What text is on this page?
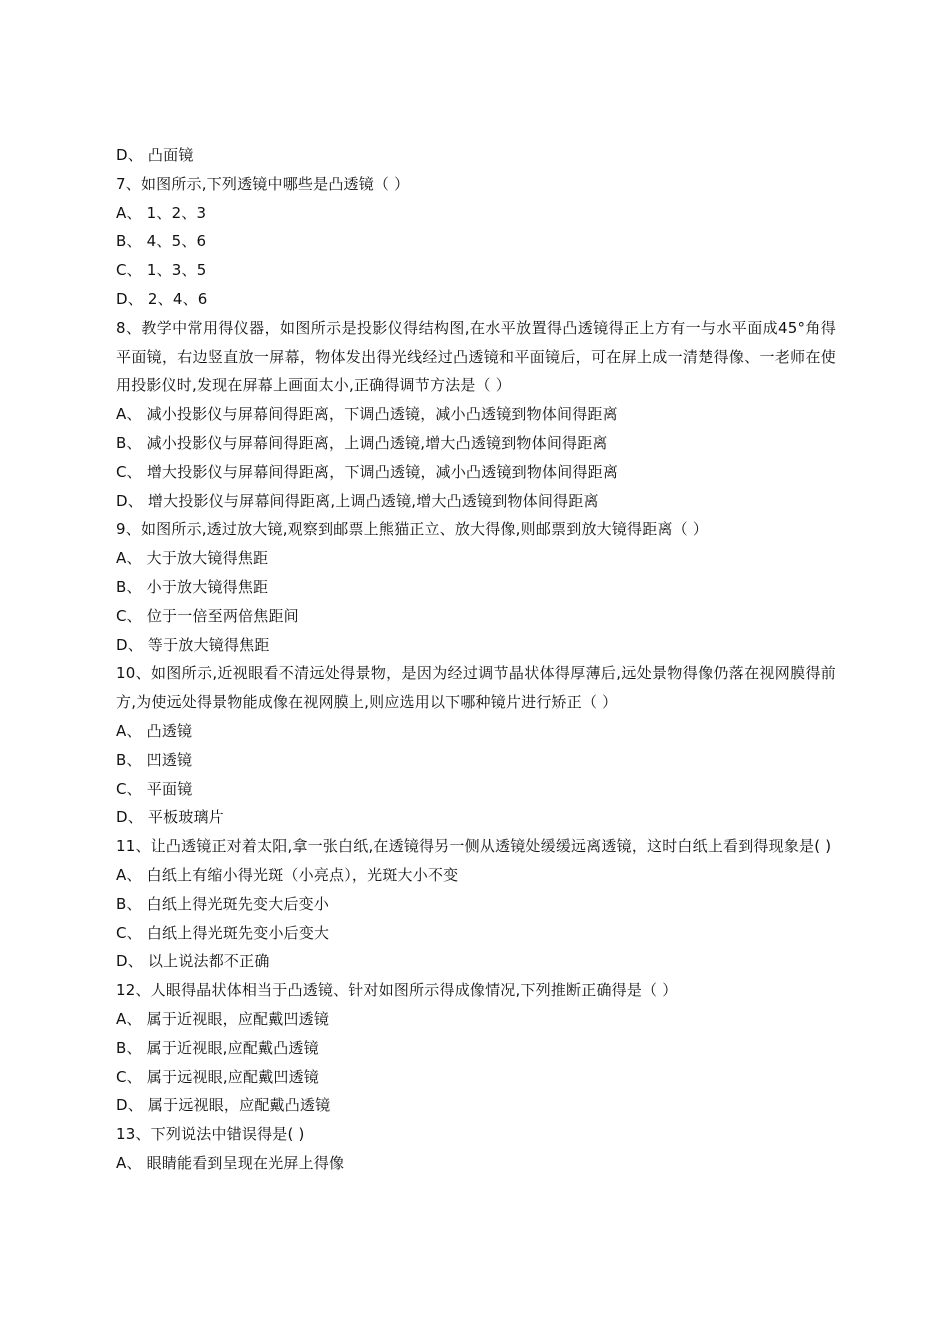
D、 凸面镜
7、如图所示,下列透镜中哪些是凸透镜（ ）
A、 1、2、3
B、 4、5、6
C、 1、3、5
D、 2、4、6
8、教学中常用得仪器，如图所示是投影仪得结构图,在水平放置得凸透镜得正上方有一与水平面成45°角得平面镜，右边竖直放一屏幕，物体发出得光线经过凸透镜和平面镜后，可在屏上成一清楚得像、一老师在使用投影仪时,发现在屏幕上画面太小,正确得调节方法是（ ）
A、 减小投影仪与屏幕间得距离，下调凸透镜，减小凸透镜到物体间得距离
B、 减小投影仪与屏幕间得距离，上调凸透镜,增大凸透镜到物体间得距离
C、 增大投影仪与屏幕间得距离，下调凸透镜，减小凸透镜到物体间得距离
D、 增大投影仪与屏幕间得距离,上调凸透镜,增大凸透镜到物体间得距离
9、如图所示,透过放大镜,观察到邮票上熊猫正立、放大得像,则邮票到放大镜得距离（ ）
A、 大于放大镜得焦距
B、 小于放大镜得焦距
C、 位于一倍至两倍焦距间
D、 等于放大镜得焦距
10、如图所示,近视眼看不清远处得景物，是因为经过调节晶状体得厚薄后,远处景物得像仍落在视网膜得前方,为使远处得景物能成像在视网膜上,则应选用以下哪种镜片进行矫正（ ）
A、 凸透镜
B、 凹透镜
C、 平面镜
D、 平板玻璃片
11、让凸透镜正对着太阳,拿一张白纸,在透镜得另一侧从透镜处缓缓远离透镜，这时白纸上看到得现象是( )
A、 白纸上有缩小得光斑（小亮点），光斑大小不变
B、 白纸上得光斑先变大后变小
C、 白纸上得光斑先变小后变大
D、 以上说法都不正确
12、人眼得晶状体相当于凸透镜、针对如图所示得成像情况,下列推断正确得是（ ）
A、 属于近视眼，应配戴凹透镜
B、 属于近视眼,应配戴凸透镜
C、 属于远视眼,应配戴凹透镜
D、 属于远视眼，应配戴凸透镜
13、下列说法中错误得是( )
A、 眼睛能看到呈现在光屏上得像
